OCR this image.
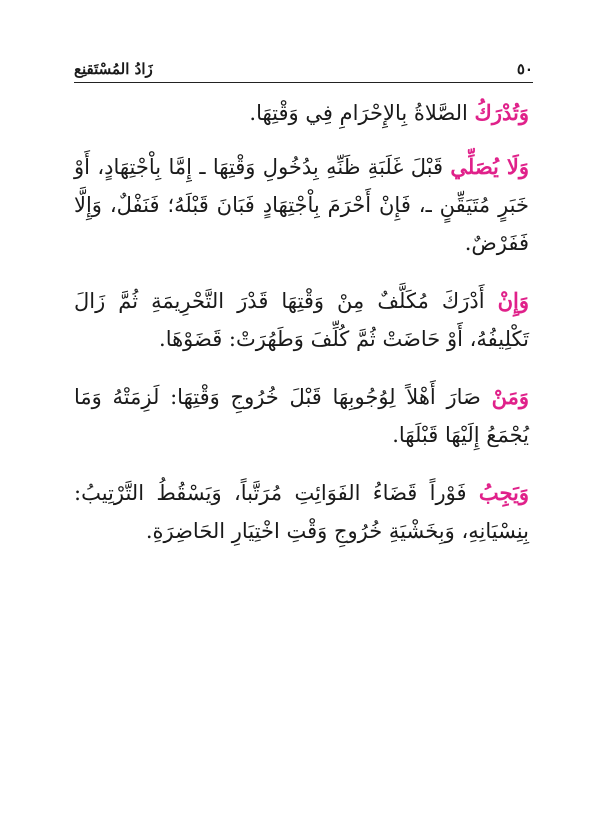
٥٠
زَادُ المُسْتَقنِع

وَتُدْرَكُ الصَّلاةُ بِالإِحْرَامِ فِي وَقْتِهَا.

وَلَا يُصَلِّي قَبْلَ غَلَبَةِ ظَنِّهِ بِدُخُولِ وَقْتِهَا ـ إِمَّا بِاْجْتِهَادٍ، أَوْ خَبَرٍ مُتَيَقِّنٍ ـ، فَإِنْ أَحْرَمَ بِاْجْتِهَادٍ فَبَانَ قَبْلَهُ؛ فَنَفْلٌ، وَإِلَّا فَفَرْضٌ.

وَإِنْ أَدْرَكَ مُكَلَّفٌ مِنْ وَقْتِهَا قَدْرَ التَّحْرِيمَةِ ثُمَّ زَالَ تَكْلِيفُهُ، أَوْ حَاضَتْ ثُمَّ كُلِّفَ وَطَهُرَتْ: قَضَوْهَا.

وَمَنْ صَارَ أَهْلاً لِوُجُوبِهَا قَبْلَ خُرُوجِ وَقْتِهَا: لَزِمَتْهُ وَمَا يُجْمَعُ إِلَيْهَا قَبْلَهَا.

وَيَجِبُ فَوْراً قَضَاءُ الفَوَائِتِ مُرَتَّباً، وَيَسْقُطُ التَّرْتِيبُ: بِنِسْيَانِهِ، وَبِخَشْيَةِ خُرُوجِ وَقْتِ اخْتِيَارِ الحَاضِرَةِ.
